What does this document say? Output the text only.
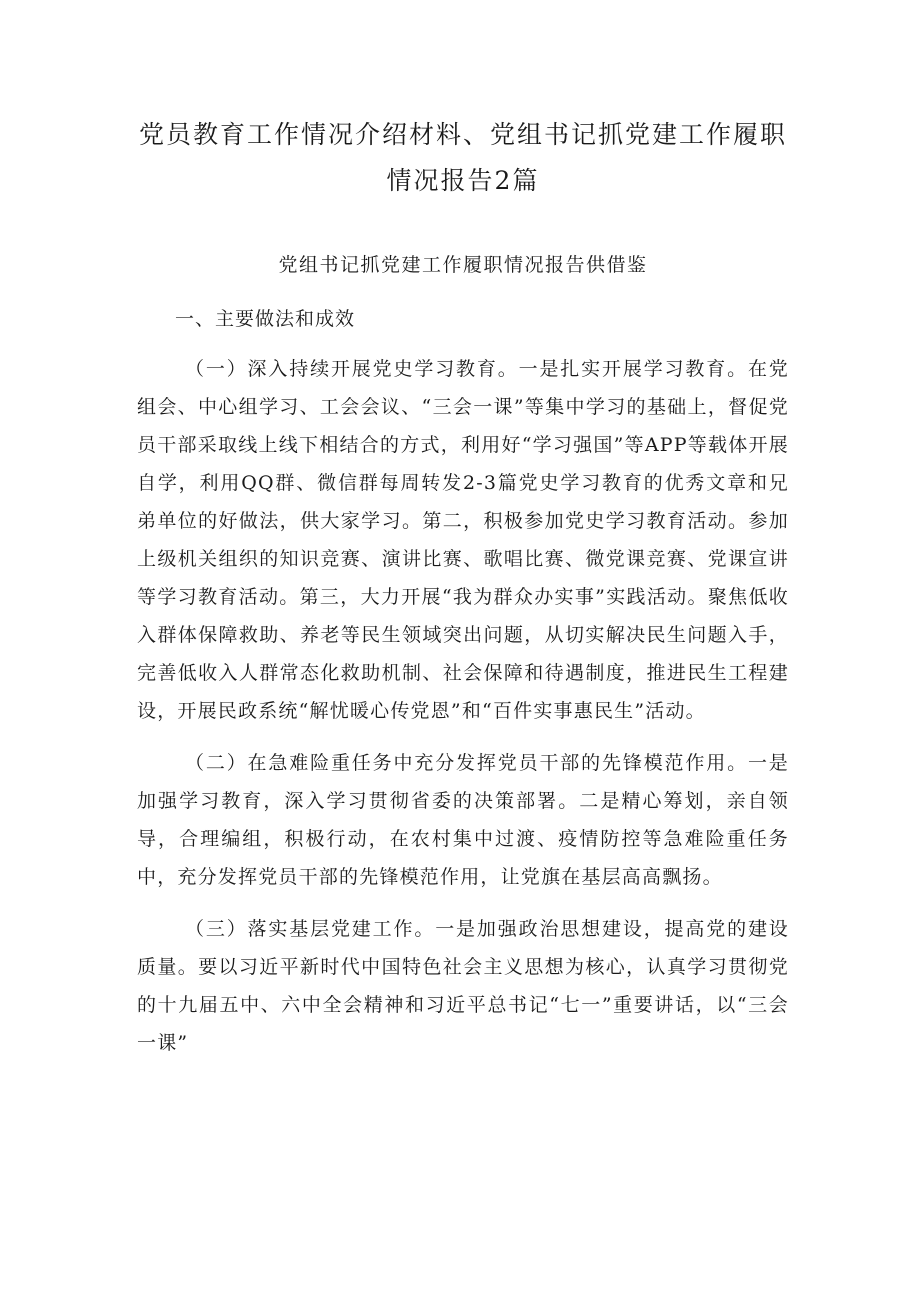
党员教育工作情况介绍材料、党组书记抓党建工作履职情况报告2篇
党组书记抓党建工作履职情况报告供借鉴
一、主要做法和成效

（一）深入持续开展党史学习教育。一是扎实开展学习教育。在党组会、中心组学习、工会会议、“三会一课”等集中学习的基础上，督促党员干部采取线上线下相结合的方式，利用好“学习强国”等APP等载体开展自学，利用QQ群、微信群每周转发2-3篇党史学习教育的优秀文章和兄弟单位的好做法，供大家学习。第二，积极参加党史学习教育活动。参加上级机关组织的知识竞赛、演讲比赛、歌唱比赛、微党课竞赛、党课宣讲等学习教育活动。第三，大力开展“我为群众办实事”实践活动。聚焦低收入群体保障救助、养老等民生领域突出问题，从切实解决民生问题入手，完善低收入人群常态化救助机制、社会保障和待遇制度，推进民生工程建设，开展民政系统“解忧暖心传党恩”和“百件实事惠民生”活动。

（二）在急难险重任务中充分发挥党员干部的先锋模范作用。一是加强学习教育，深入学习贯彻省委的决策部署。二是精心筹划，亲自领导，合理编组，积极行动，在农村集中过渡、疫情防控等急难险重任务中，充分发挥党员干部的先锋模范作用，让党旗在基层高高飘扬。

（三）落实基层党建工作。一是加强政治思想建设，提高党的建设质量。要以习近平新时代中国特色社会主义思想为核心，认真学习贯彻党的十九届五中、六中全会精神和习近平总书记“七一”重要讲话，以“三会一课”
